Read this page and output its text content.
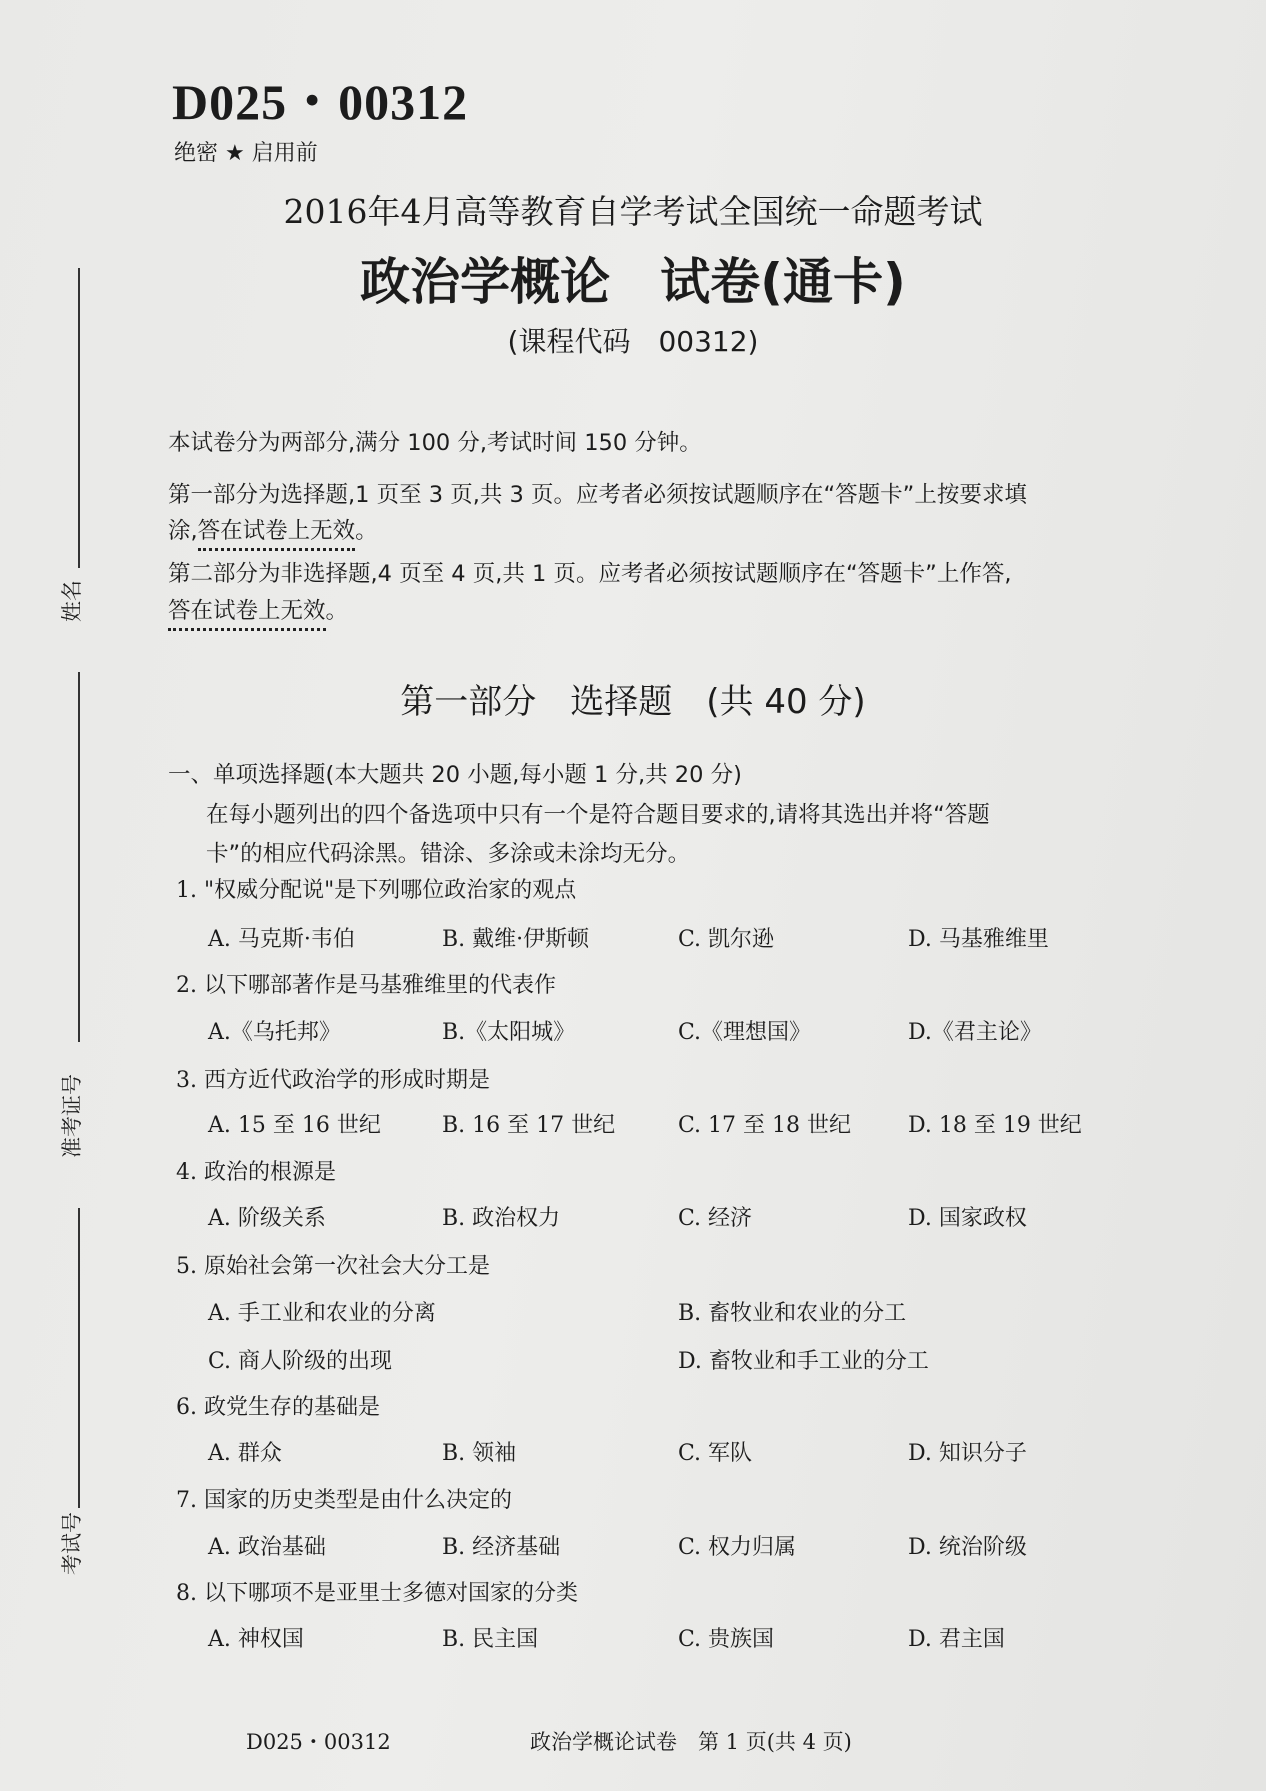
D025・00312
绝密 ★ 启用前
2016年4月高等教育自学考试全国统一命题考试
政治学概论　试卷(通卡)
(课程代码　00312)
本试卷分为两部分,满分 100 分,考试时间 150 分钟。
第一部分为选择题,1 页至 3 页,共 3 页。应考者必须按试题顺序在“答题卡”上按要求填
涂,答在试卷上无效。
第二部分为非选择题,4 页至 4 页,共 1 页。应考者必须按试题顺序在“答题卡”上作答,
答在试卷上无效。
第一部分　选择题　(共 40 分)
一、单项选择题(本大题共 20 小题,每小题 1 分,共 20 分)
在每小题列出的四个备选项中只有一个是符合题目要求的,请将其选出并将“答题
卡”的相应代码涂黑。错涂、多涂或未涂均无分。
1. "权威分配说"是下列哪位政治家的观点
A. 马克斯·韦伯	B. 戴维·伊斯顿	C. 凯尔逊	D. 马基雅维里
2. 以下哪部著作是马基雅维里的代表作
A.《乌托邦》	B.《太阳城》	C.《理想国》	D.《君主论》
3. 西方近代政治学的形成时期是
A. 15 至 16 世纪	B. 16 至 17 世纪	C. 17 至 18 世纪	D. 18 至 19 世纪
4. 政治的根源是
A. 阶级关系	B. 政治权力	C. 经济	D. 国家政权
5. 原始社会第一次社会大分工是
A. 手工业和农业的分离	B. 畜牧业和农业的分工
C. 商人阶级的出现	D. 畜牧业和手工业的分工
6. 政党生存的基础是
A. 群众	B. 领袖	C. 军队	D. 知识分子
7. 国家的历史类型是由什么决定的
A. 政治基础	B. 经济基础	C. 权力归属	D. 统治阶级
8. 以下哪项不是亚里士多德对国家的分类
A. 神权国	B. 民主国	C. 贵族国	D. 君主国
D025・00312	政治学概论试卷　第 1 页(共 4 页)
姓名
准考证号
考试号
